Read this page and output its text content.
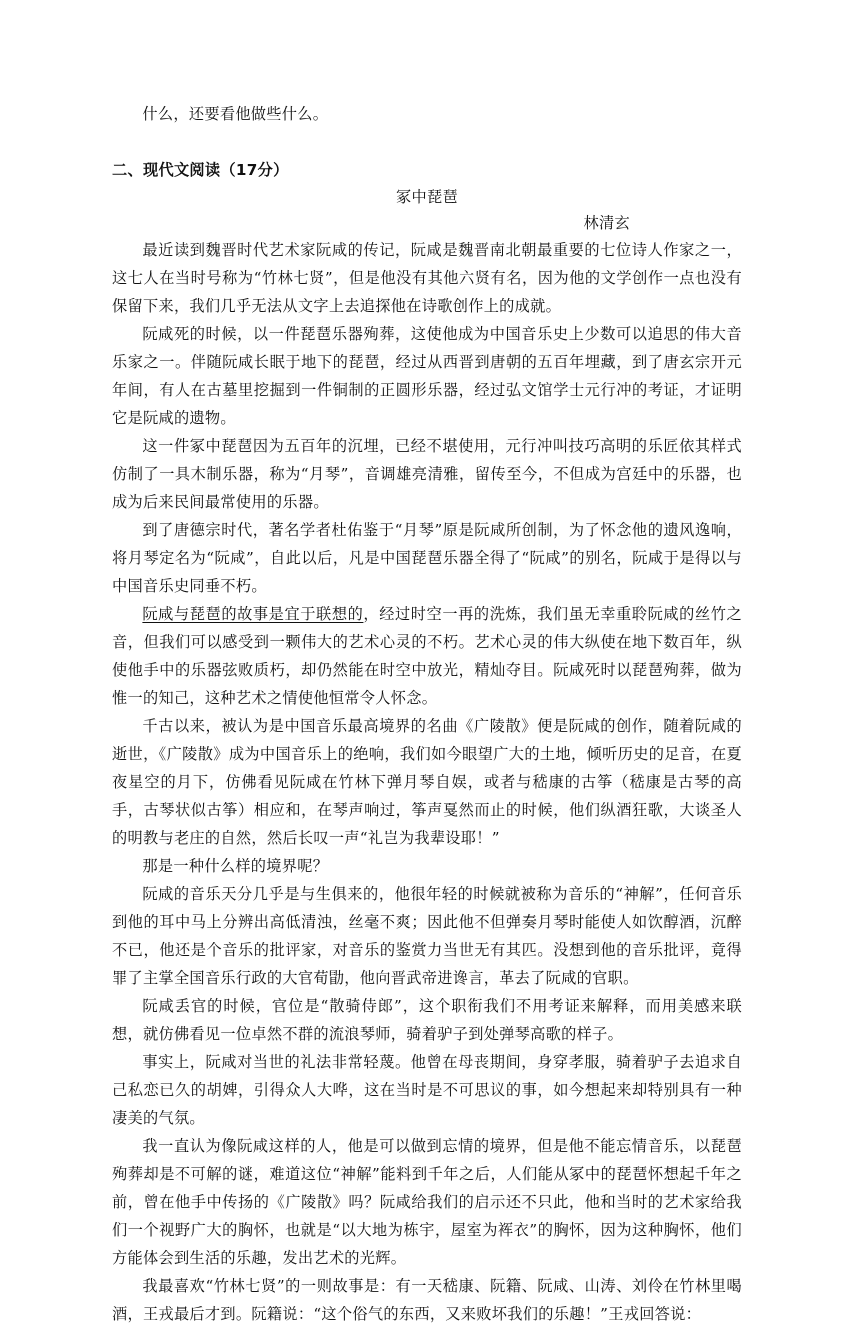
什么，还要看他做些什么。

二、现代文阅读（17分）

冢中琵琶

林清玄

最近读到魏晋时代艺术家阮咸的传记，阮咸是魏晋南北朝最重要的七位诗人作家之一，这七人在当时号称为“竹林七贤”，但是他没有其他六贤有名，因为他的文学创作一点也没有保留下来，我们几乎无法从文字上去追探他在诗歌创作上的成就。

阮咸死的时候，以一件琵琶乐器殉葬，这使他成为中国音乐史上少数可以追思的伟大音乐家之一。伴随阮咸长眠于地下的琵琶，经过从西晋到唐朝的五百年埋藏，到了唐玄宗开元年间，有人在古墓里挖掘到一件铜制的正圆形乐器，经过弘文馆学士元行冲的考证，才证明它是阮咸的遗物。

这一件冢中琵琶因为五百年的沉埋，已经不堪使用，元行冲叫技巧高明的乐匠依其样式仿制了一具木制乐器，称为“月琴”，音调雄亮清雅，留传至今，不但成为宫廷中的乐器，也成为后来民间最常使用的乐器。

到了唐德宗时代，著名学者杜佑鉴于“月琴”原是阮咸所创制，为了怀念他的遗风逸响，将月琴定名为“阮咸”，自此以后，凡是中国琵琶乐器全得了“阮咸”的别名，阮咸于是得以与中国音乐史同垂不朽。

阮咸与琵琶的故事是宜于联想的，经过时空一再的洗炼，我们虽无幸重聆阮咸的丝竹之音，但我们可以感受到一颗伟大的艺术心灵的不朽。艺术心灵的伟大纵使在地下数百年，纵使他手中的乐器弦败质朽，却仍然能在时空中放光，精灿夺目。阮咸死时以琵琶殉葬，做为惟一的知己，这种艺术之情使他恒常令人怀念。

千古以来，被认为是中国音乐最高境界的名曲《广陵散》便是阮咸的创作，随着阮咸的逝世，《广陵散》成为中国音乐上的绝响，我们如今眼望广大的土地，倾听历史的足音，在夏夜星空的月下，仿佛看见阮咸在竹林下弹月琴自娱，或者与嵇康的古筝（嵇康是古琴的高手，古琴状似古筝）相应和，在琴声响过，筝声戛然而止的时候，他们纵酒狂歌，大谈圣人的明教与老庄的自然，然后长叹一声“礼岂为我辈设耶！”

那是一种什么样的境界呢？

阮咸的音乐天分几乎是与生俱来的，他很年轻的时候就被称为音乐的“神解”，任何音乐到他的耳中马上分辨出高低清浊，丝毫不爽；因此他不但弹奏月琴时能使人如饮醇酒，沉醉不已，他还是个音乐的批评家，对音乐的鉴赏力当世无有其匹。没想到他的音乐批评，竟得罪了主掌全国音乐行政的大官荀勖，他向晋武帝进谗言，革去了阮咸的官职。

阮咸丢官的时候，官位是“散骑侍郎”，这个职衔我们不用考证来解释，而用美感来联想，就仿佛看见一位卓然不群的流浪琴师，骑着驴子到处弹琴高歌的样子。

事实上，阮咸对当世的礼法非常轻蔑。他曾在母丧期间，身穿孝服，骑着驴子去追求自己私恋已久的胡婢，引得众人大哗，这在当时是不可思议的事，如今想起来却特别具有一种凄美的气氛。

我一直认为像阮咸这样的人，他是可以做到忘情的境界，但是他不能忘情音乐，以琵琶殉葬却是不可解的谜，难道这位“神解”能料到千年之后，人们能从冢中的琵琶怀想起千年之前，曾在他手中传扬的《广陵散》吗？阮咸给我们的启示还不只此，他和当时的艺术家给我们一个视野广大的胸怀，也就是“以大地为栋宇，屋室为裈衣”的胸怀，因为这种胸怀，他们方能体会到生活的乐趣，发出艺术的光辉。

我最喜欢“竹林七贤”的一则故事是：有一天嵇康、阮籍、阮咸、山涛、刘伶在竹林里喝酒，王戎最后才到。阮籍说：“这个俗气的东西，又来败坏我们的乐趣！”王戎回答说：
